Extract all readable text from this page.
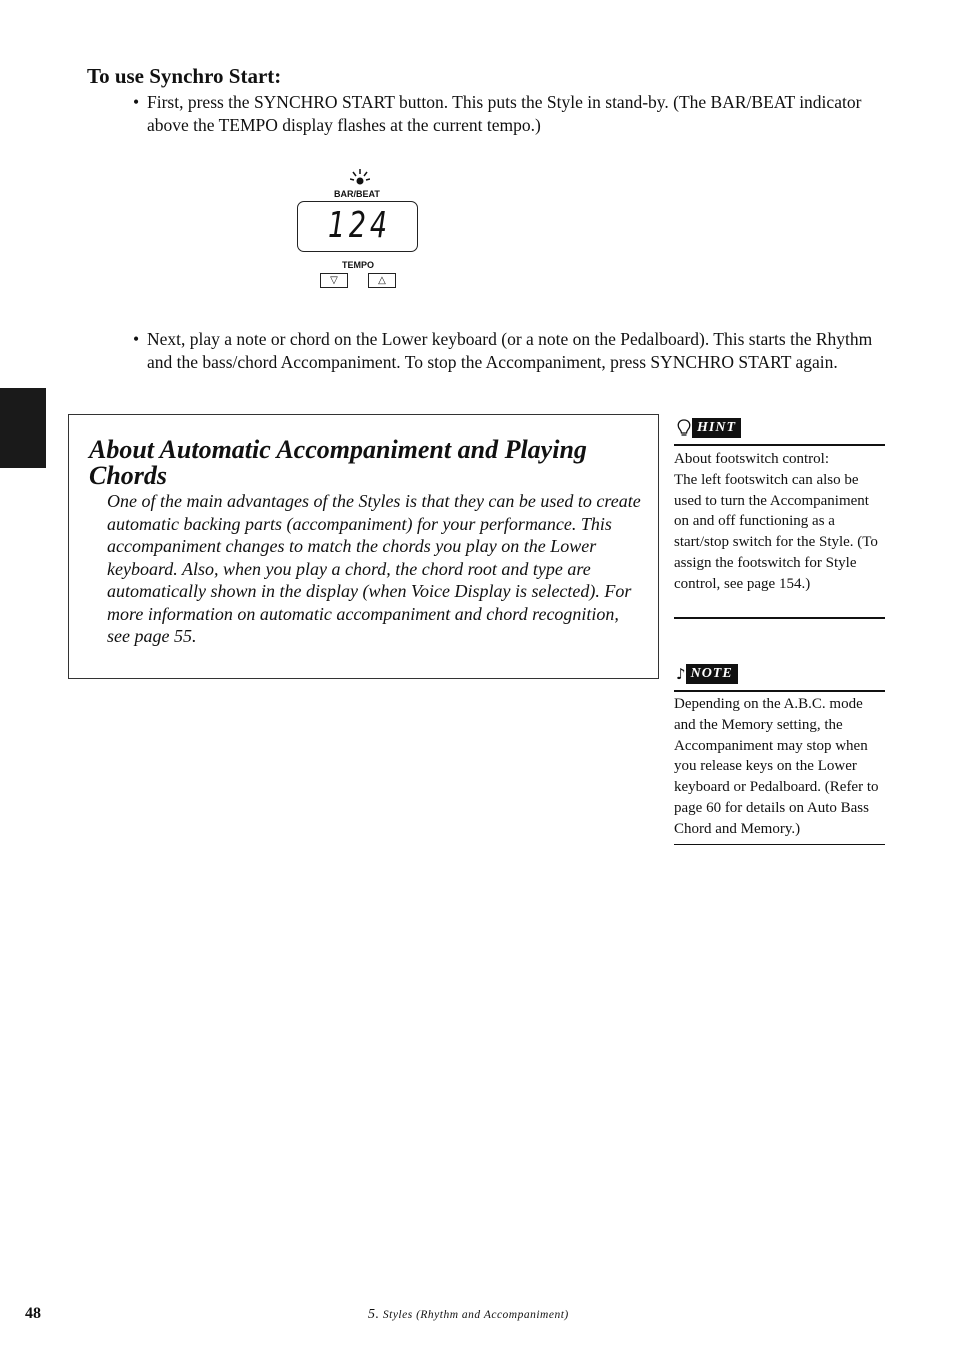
To use Synchro Start:
• First, press the SYNCHRO START button. This puts the Style in stand-by. (The BAR/BEAT indicator above the TEMPO display flashes at the current tempo.)
BAR/BEAT
124
TEMPO
▽	△
• Next, play a note or chord on the Lower keyboard (or a note on the Pedalboard). This starts the Rhythm and the bass/chord Accompaniment. To stop the Accompaniment, press SYNCHRO START again.
About Automatic Accompaniment and Playing Chords
One of the main advantages of the Styles is that they can be used to create automatic backing parts (accompaniment) for your performance. This accompaniment changes to match the chords you play on the Lower keyboard. Also, when you play a chord, the chord root and type are automatically shown in the display (when Voice Display is selected). For more information on automatic accompaniment and chord recognition, see page 55.
HINT
About footswitch control:
The left footswitch can also be used to turn the Accompaniment on and off functioning as a start/stop switch for the Style. (To assign the footswitch for Style control, see page 154.)
♪ NOTE
Depending on the A.B.C. mode and the Memory setting, the Accompaniment may stop when you release keys on the Lower keyboard or Pedalboard. (Refer to page 60 for details on Auto Bass Chord and Memory.)
48	5. Styles (Rhythm and Accompaniment)
